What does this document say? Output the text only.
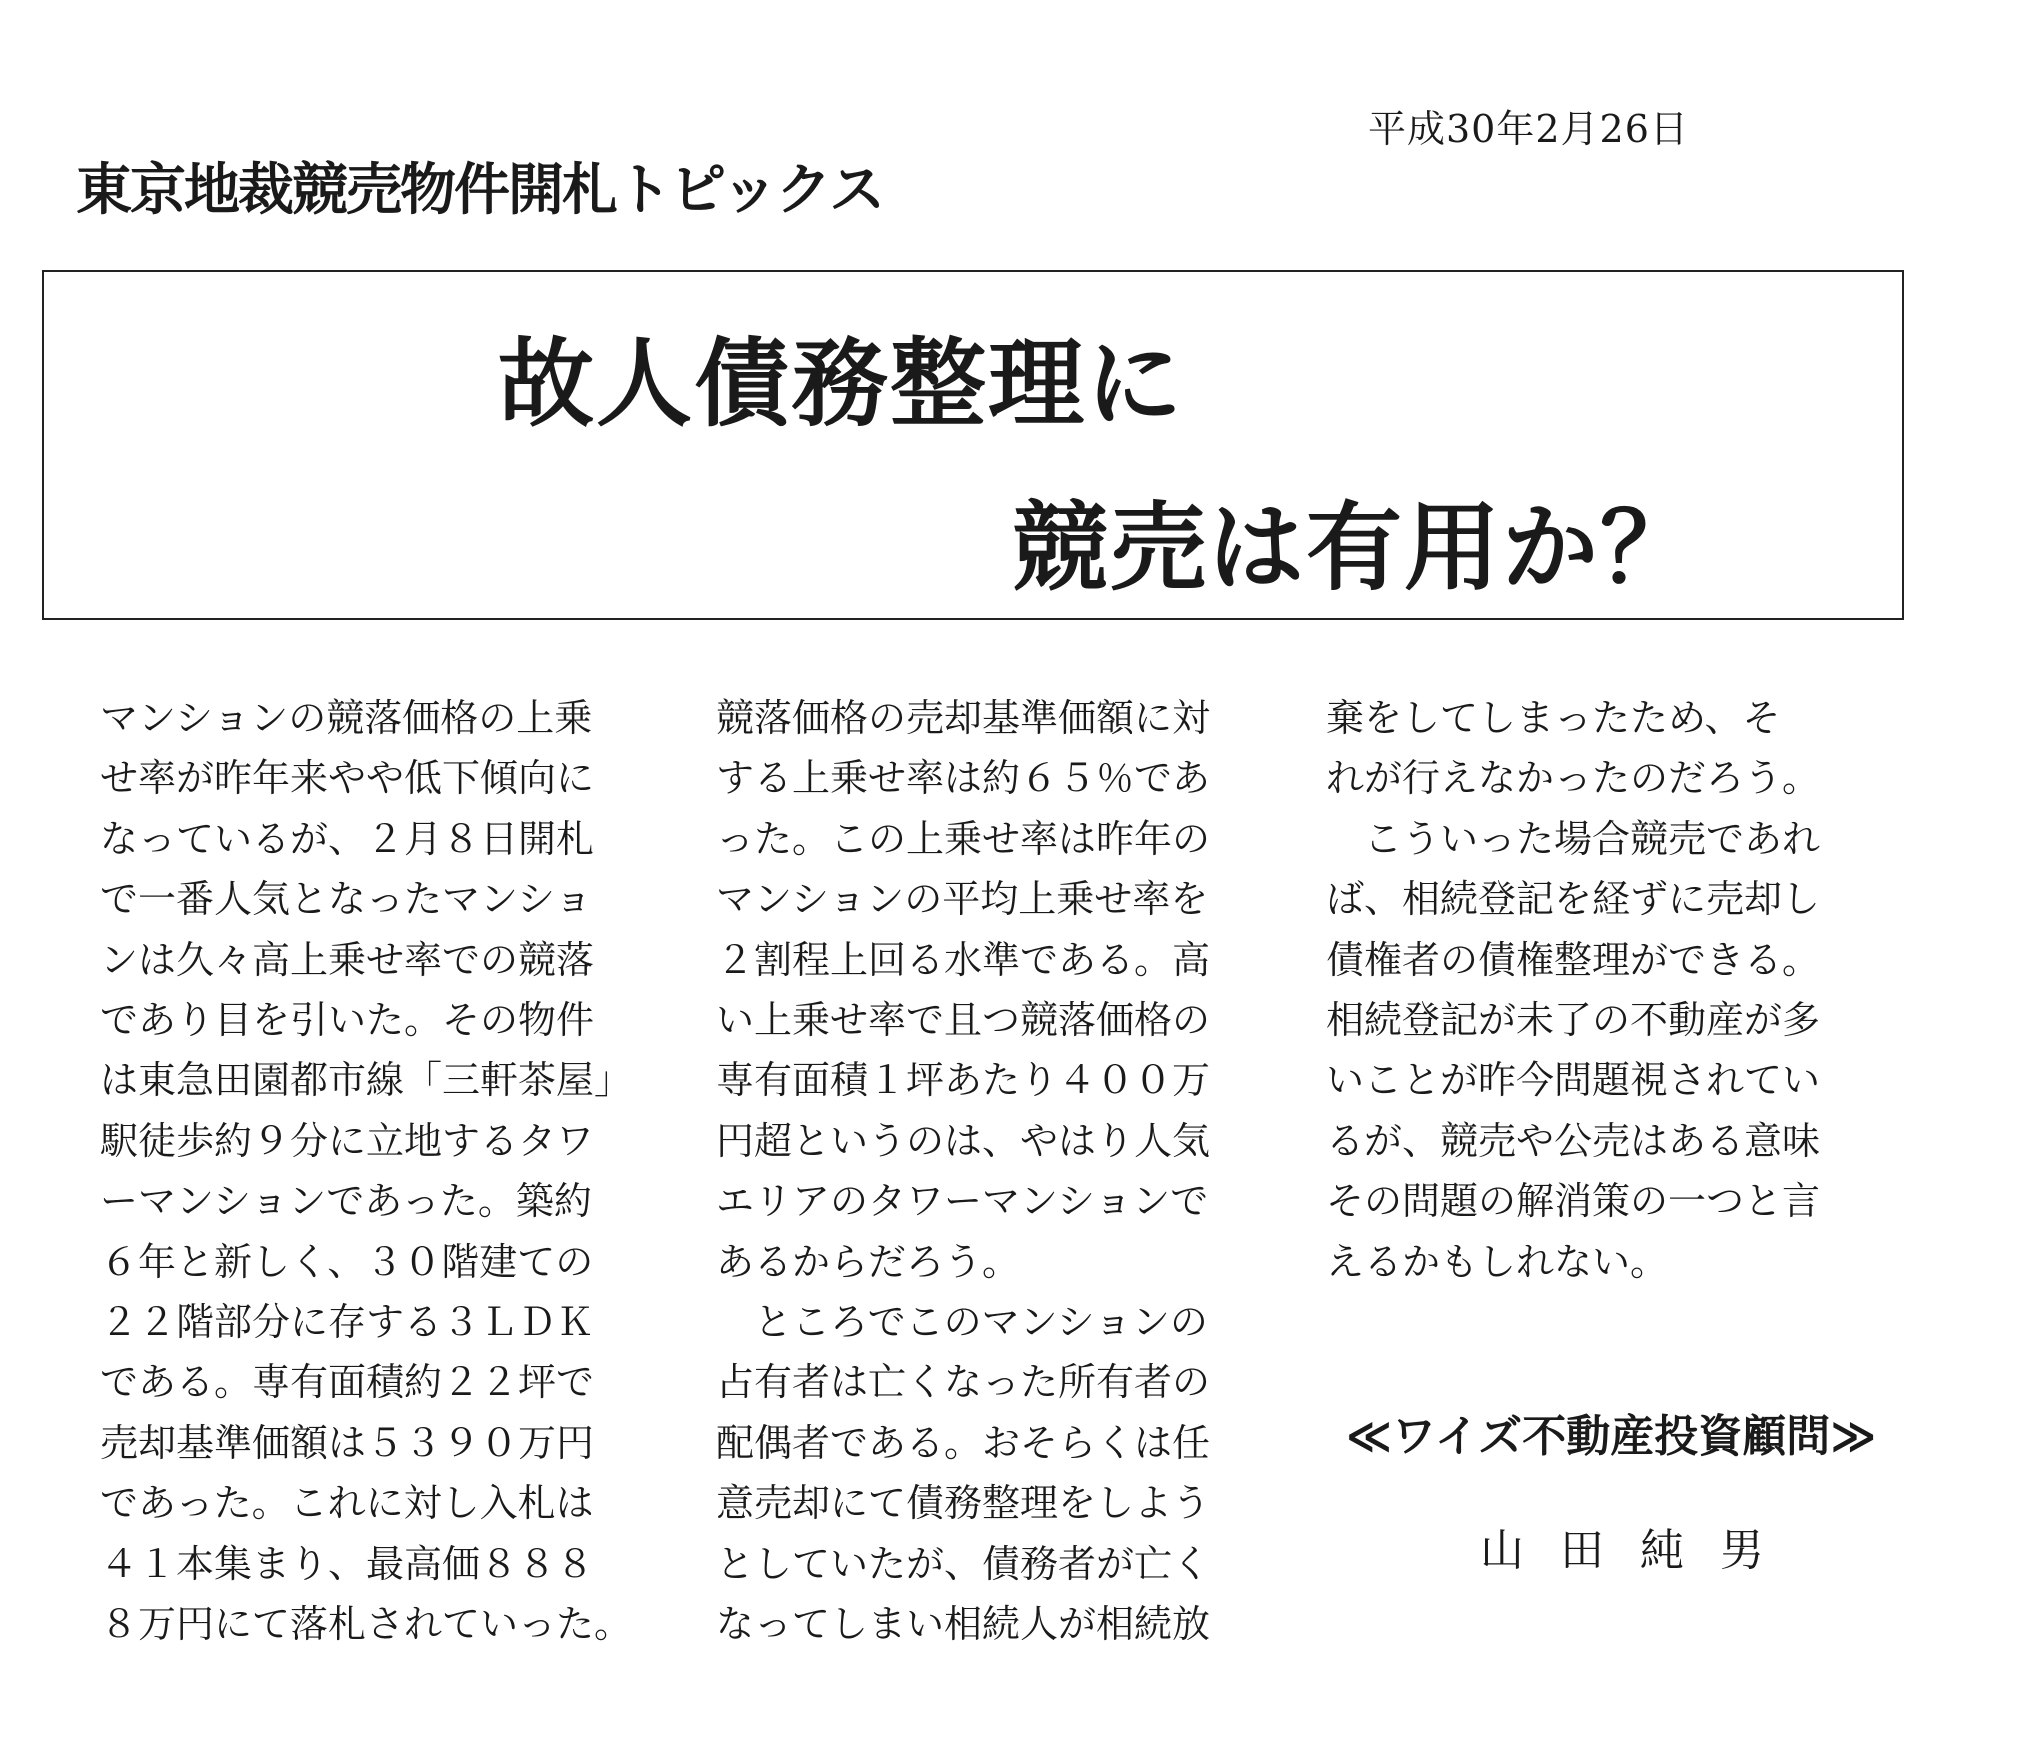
平成30年2月26日
東京地裁競売物件開札トピックス
故人債務整理に
競売は有用か？

マンションの競落価格の上乗

せ率が昨年来やや低下傾向に

なっているが、２月８日開札

で一番人気となったマンショ

ンは久々高上乗せ率での競落

であり目を引いた。その物件

は東急田園都市線「三軒茶屋」

駅徒歩約９分に立地するタワ

ーマンションであった。築約

６年と新しく、３０階建ての

２２階部分に存する３ＬＤＫ

である。専有面積約２２坪で

売却基準価額は５３９０万円

であった。これに対し入札は

４１本集まり、最高価８８８

８万円にて落札されていった。

競落価格の売却基準価額に対

する上乗せ率は約６５％であ

った。この上乗せ率は昨年の

マンションの平均上乗せ率を

２割程上回る水準である。高

い上乗せ率で且つ競落価格の

専有面積１坪あたり４００万

円超というのは、やはり人気

エリアのタワーマンションで

あるからだろう。

　ところでこのマンションの

占有者は亡くなった所有者の

配偶者である。おそらくは任

意売却にて債務整理をしよう

としていたが、債務者が亡く

なってしまい相続人が相続放

棄をしてしまったため、そ

れが行えなかったのだろう。

　こういった場合競売であれ

ば、相続登記を経ずに売却し

債権者の債権整理ができる。

相続登記が未了の不動産が多

いことが昨今問題視されてい

るが、競売や公売はある意味

その問題の解消策の一つと言

えるかもしれない。

≪ワイズ不動産投資顧問≫
山田純男
